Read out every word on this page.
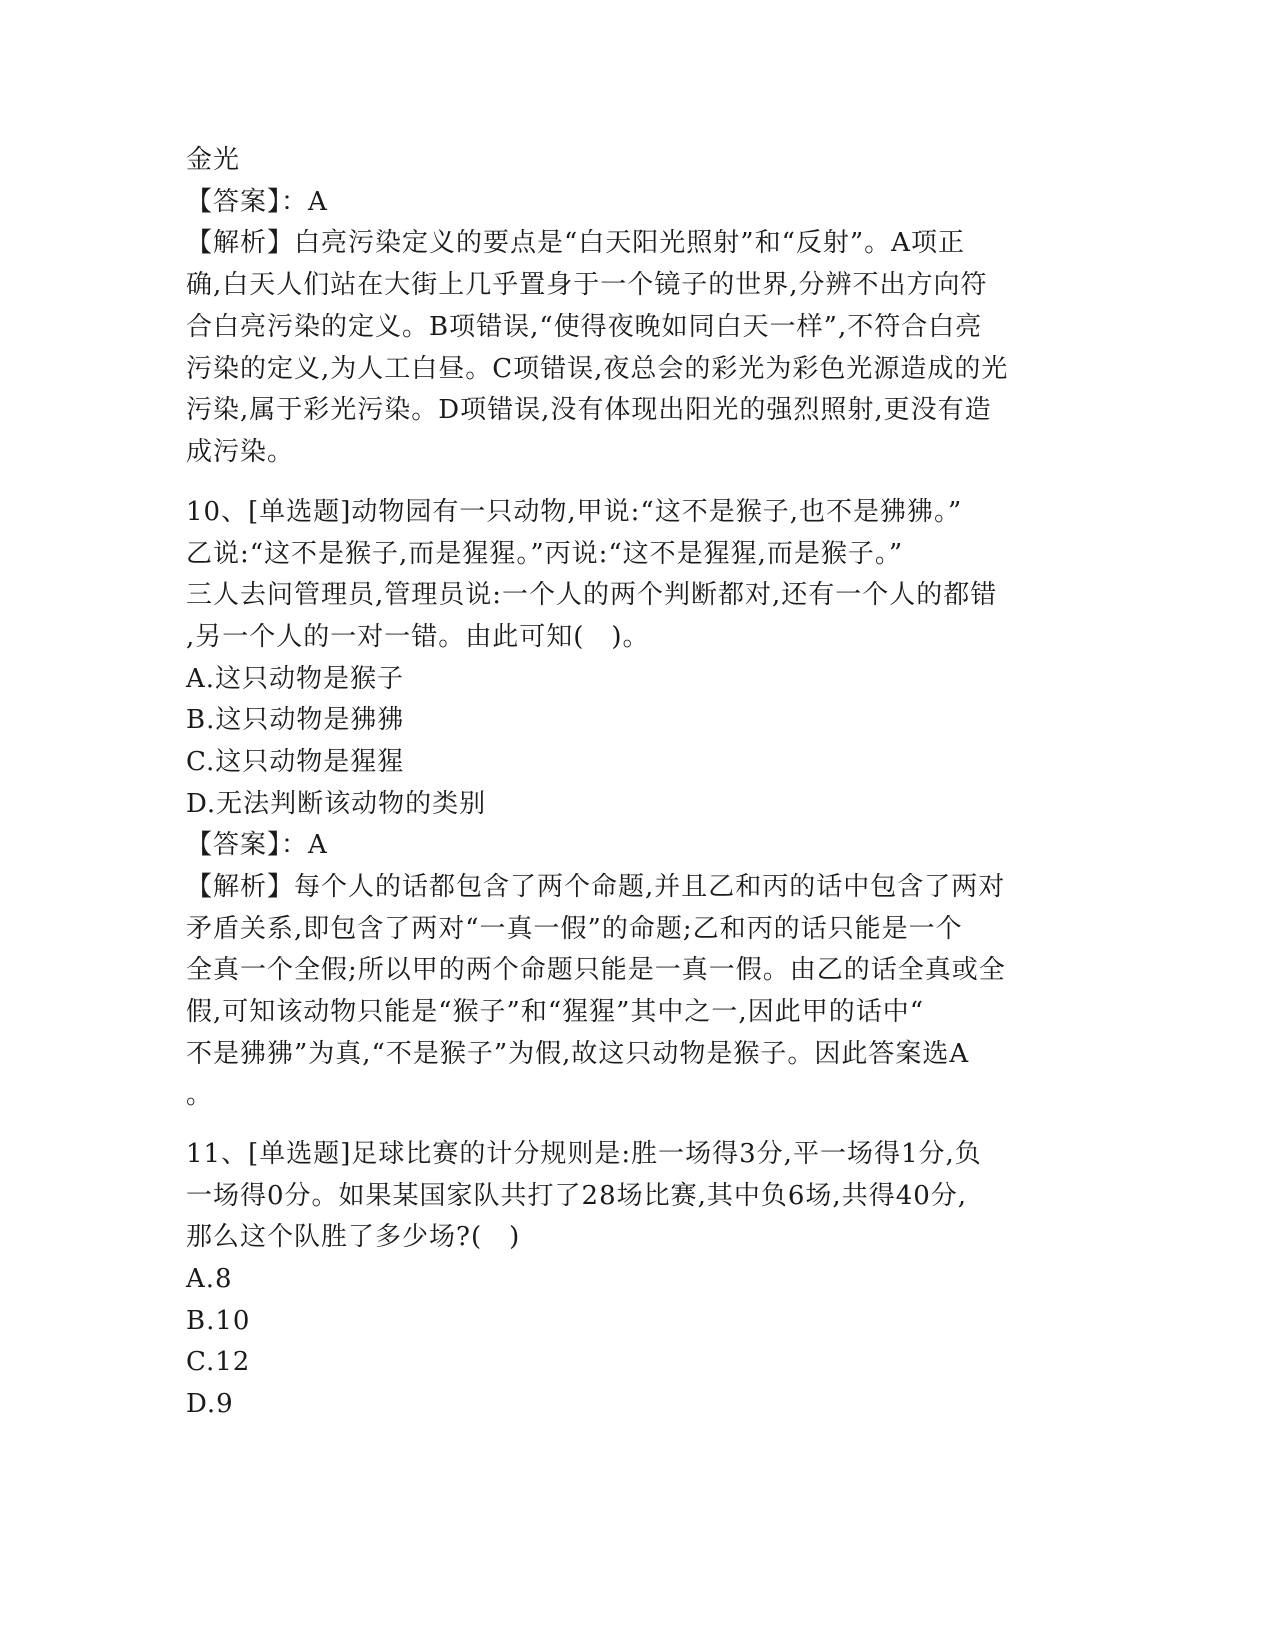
金光
【答案】：A
【解析】白亮污染定义的要点是“白天阳光照射”和“反射”。A项正
确,白天人们站在大街上几乎置身于一个镜子的世界,分辨不出方向符
合白亮污染的定义。B项错误,“使得夜晚如同白天一样”,不符合白亮
污染的定义,为人工白昼。C项错误,夜总会的彩光为彩色光源造成的光
污染,属于彩光污染。D项错误,没有体现出阳光的强烈照射,更没有造
成污染。
10、[单选题]动物园有一只动物,甲说:“这不是猴子,也不是狒狒。”
乙说:“这不是猴子,而是猩猩。”丙说:“这不是猩猩,而是猴子。”
三人去问管理员,管理员说:一个人的两个判断都对,还有一个人的都错
,另一个人的一对一错。由此可知(　)。
A.这只动物是猴子
B.这只动物是狒狒
C.这只动物是猩猩
D.无法判断该动物的类别
【答案】：A
【解析】每个人的话都包含了两个命题,并且乙和丙的话中包含了两对
矛盾关系,即包含了两对“一真一假”的命题;乙和丙的话只能是一个
全真一个全假;所以甲的两个命题只能是一真一假。由乙的话全真或全
假,可知该动物只能是“猴子”和“猩猩”其中之一,因此甲的话中“
不是狒狒”为真,“不是猴子”为假,故这只动物是猴子。因此答案选A
。
11、[单选题]足球比赛的计分规则是:胜一场得3分,平一场得1分,负
一场得0分。如果某国家队共打了28场比赛,其中负6场,共得40分,
那么这个队胜了多少场?(　)
A.8
B.10
C.12
D.9
